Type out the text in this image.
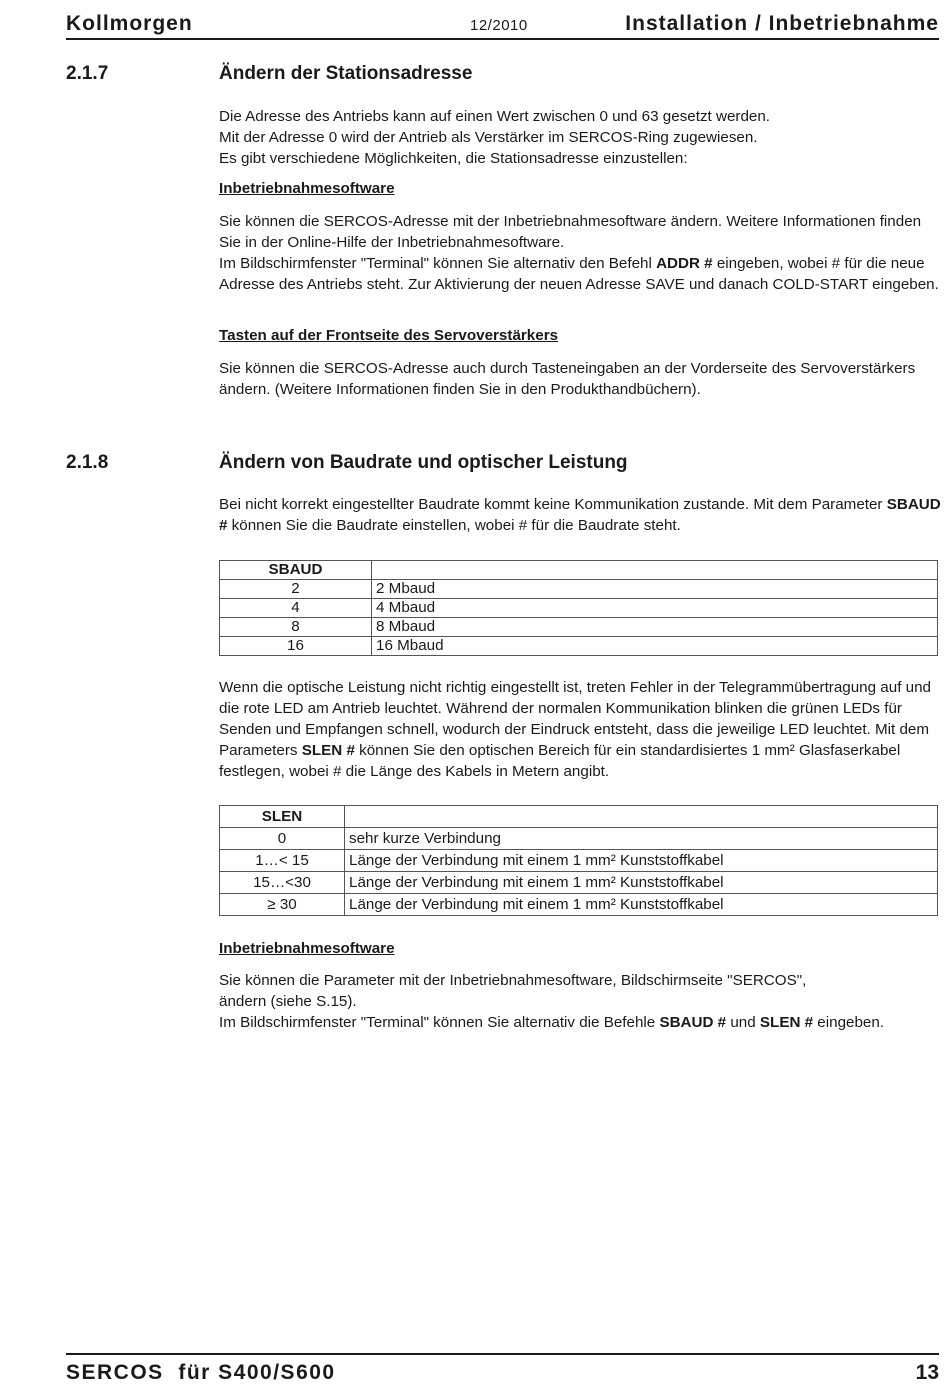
Kollmorgen	12/2010	Installation / Inbetriebnahme
2.1.7	Ändern der Stationsadresse

Die Adresse des Antriebs kann auf einen Wert zwischen 0 und 63 gesetzt werden.
Mit der Adresse 0 wird der Antrieb als Verstärker im SERCOS-Ring zugewiesen.
Es gibt verschiedene Möglichkeiten, die Stationsadresse einzustellen:

Inbetriebnahmesoftware

Sie können die SERCOS-Adresse mit der Inbetriebnahmesoftware ändern. Weitere Informationen finden Sie in der Online-Hilfe der Inbetriebnahmesoftware.
Im Bildschirmfenster "Terminal" können Sie alternativ den Befehl ADDR # eingeben, wobei # für die neue Adresse des Antriebs steht. Zur Aktivierung der neuen Adresse SAVE und danach COLD-START eingeben.

Tasten auf der Frontseite des Servoverstärkers

Sie können die SERCOS-Adresse auch durch Tasteneingaben an der Vorderseite des Servoverstärkers ändern. (Weitere Informationen finden Sie in den Produkthandbüchern).

2.1.8	Ändern von Baudrate und optischer Leistung

Bei nicht korrekt eingestellter Baudrate kommt keine Kommunikation zustande. Mit dem Parameter SBAUD # können Sie die Baudrate einstellen, wobei # für die Baudrate steht.

SBAUD	
2	2 Mbaud
4	4 Mbaud
8	8 Mbaud
16	16 Mbaud

Wenn die optische Leistung nicht richtig eingestellt ist, treten Fehler in der Telegrammübertragung auf und die rote LED am Antrieb leuchtet. Während der normalen Kommunikation blinken die grünen LEDs für Senden und Empfangen schnell, wodurch der Eindruck entsteht, dass die jeweilige LED leuchtet. Mit dem Parameters SLEN # können Sie den optischen Bereich für ein standardisiertes 1 mm² Glasfaserkabel festlegen, wobei # die Länge des Kabels in Metern angibt.

SLEN	
0	sehr kurze Verbindung
1…< 15	Länge der Verbindung mit einem 1 mm² Kunststoffkabel
15…<30	Länge der Verbindung mit einem 1 mm² Kunststoffkabel
≥ 30	Länge der Verbindung mit einem 1 mm² Kunststoffkabel
Inbetriebnahmesoftware

Sie können die Parameter mit der Inbetriebnahmesoftware, Bildschirmseite "SERCOS",
ändern (siehe S.15).
Im Bildschirmfenster "Terminal" können Sie alternativ die Befehle SBAUD # und SLEN # eingeben.

SERCOS  für S400/S600	13
